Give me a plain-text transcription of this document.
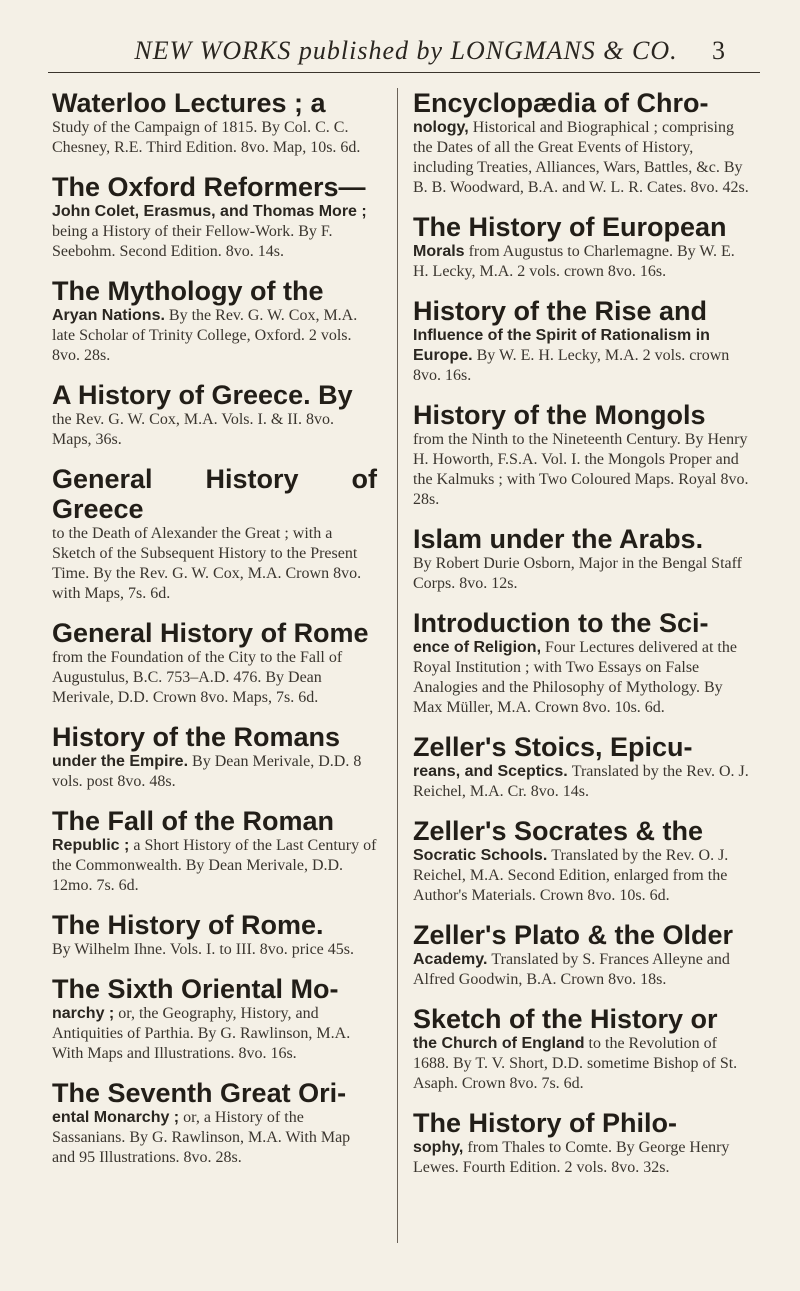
NEW WORKS published by LONGMANS & CO. 3
Waterloo Lectures ; a
Study of the Campaign of 1815. By Col. C. C. Chesney, R.E. Third Edition. 8vo. Map, 10s. 6d.
The Oxford Reformers—
John Colet, Erasmus, and Thomas More ; being a History of their Fellow-Work. By F. Seebohm. Second Edition. 8vo. 14s.
The Mythology of the
Aryan Nations. By the Rev. G. W. Cox, M.A. late Scholar of Trinity College, Oxford. 2 vols. 8vo. 28s.
A History of Greece. By
the Rev. G. W. Cox, M.A. Vols. I. & II. 8vo. Maps, 36s.
General History of Greece
to the Death of Alexander the Great ; with a Sketch of the Subsequent History to the Present Time. By the Rev. G. W. Cox, M.A. Crown 8vo. with Maps, 7s. 6d.
General History of Rome
from the Foundation of the City to the Fall of Augustulus, B.C. 753–A.D. 476. By Dean Merivale, D.D. Crown 8vo. Maps, 7s. 6d.
History of the Romans
under the Empire. By Dean Merivale, D.D. 8 vols. post 8vo. 48s.
The Fall of the Roman
Republic ; a Short History of the Last Century of the Commonwealth. By Dean Merivale, D.D. 12mo. 7s. 6d.
The History of Rome.
By Wilhelm Ihne. Vols. I. to III. 8vo. price 45s.
The Sixth Oriental Mo-
narchy ; or, the Geography, History, and Antiquities of Parthia. By G. Rawlinson, M.A. With Maps and Illustrations. 8vo. 16s.
The Seventh Great Ori-
ental Monarchy ; or, a History of the Sassanians. By G. Rawlinson, M.A. With Map and 95 Illustrations. 8vo. 28s.
Encyclopædia of Chro-
nology, Historical and Biographical ; comprising the Dates of all the Great Events of History, including Treaties, Alliances, Wars, Battles, &c. By B. B. Woodward, B.A. and W. L. R. Cates. 8vo. 42s.
The History of European
Morals from Augustus to Charlemagne. By W. E. H. Lecky, M.A. 2 vols. crown 8vo. 16s.
History of the Rise and
Influence of the Spirit of Rationalism in Europe. By W. E. H. Lecky, M.A. 2 vols. crown 8vo. 16s.
History of the Mongols
from the Ninth to the Nineteenth Century. By Henry H. Howorth, F.S.A. Vol. I. the Mongols Proper and the Kalmuks ; with Two Coloured Maps. Royal 8vo. 28s.
Islam under the Arabs.
By Robert Durie Osborn, Major in the Bengal Staff Corps. 8vo. 12s.
Introduction to the Sci-
ence of Religion, Four Lectures delivered at the Royal Institution ; with Two Essays on False Analogies and the Philosophy of Mythology. By Max Müller, M.A. Crown 8vo. 10s. 6d.
Zeller's Stoics, Epicu-
reans, and Sceptics. Translated by the Rev. O. J. Reichel, M.A. Cr. 8vo. 14s.
Zeller's Socrates & the
Socratic Schools. Translated by the Rev. O. J. Reichel, M.A. Second Edition, enlarged from the Author's Materials. Crown 8vo. 10s. 6d.
Zeller's Plato & the Older
Academy. Translated by S. Frances Alleyne and Alfred Goodwin, B.A. Crown 8vo. 18s.
Sketch of the History or
the Church of England to the Revolution of 1688. By T. V. Short, D.D. sometime Bishop of St. Asaph. Crown 8vo. 7s. 6d.
The History of Philo-
sophy, from Thales to Comte. By George Henry Lewes. Fourth Edition. 2 vols. 8vo. 32s.
